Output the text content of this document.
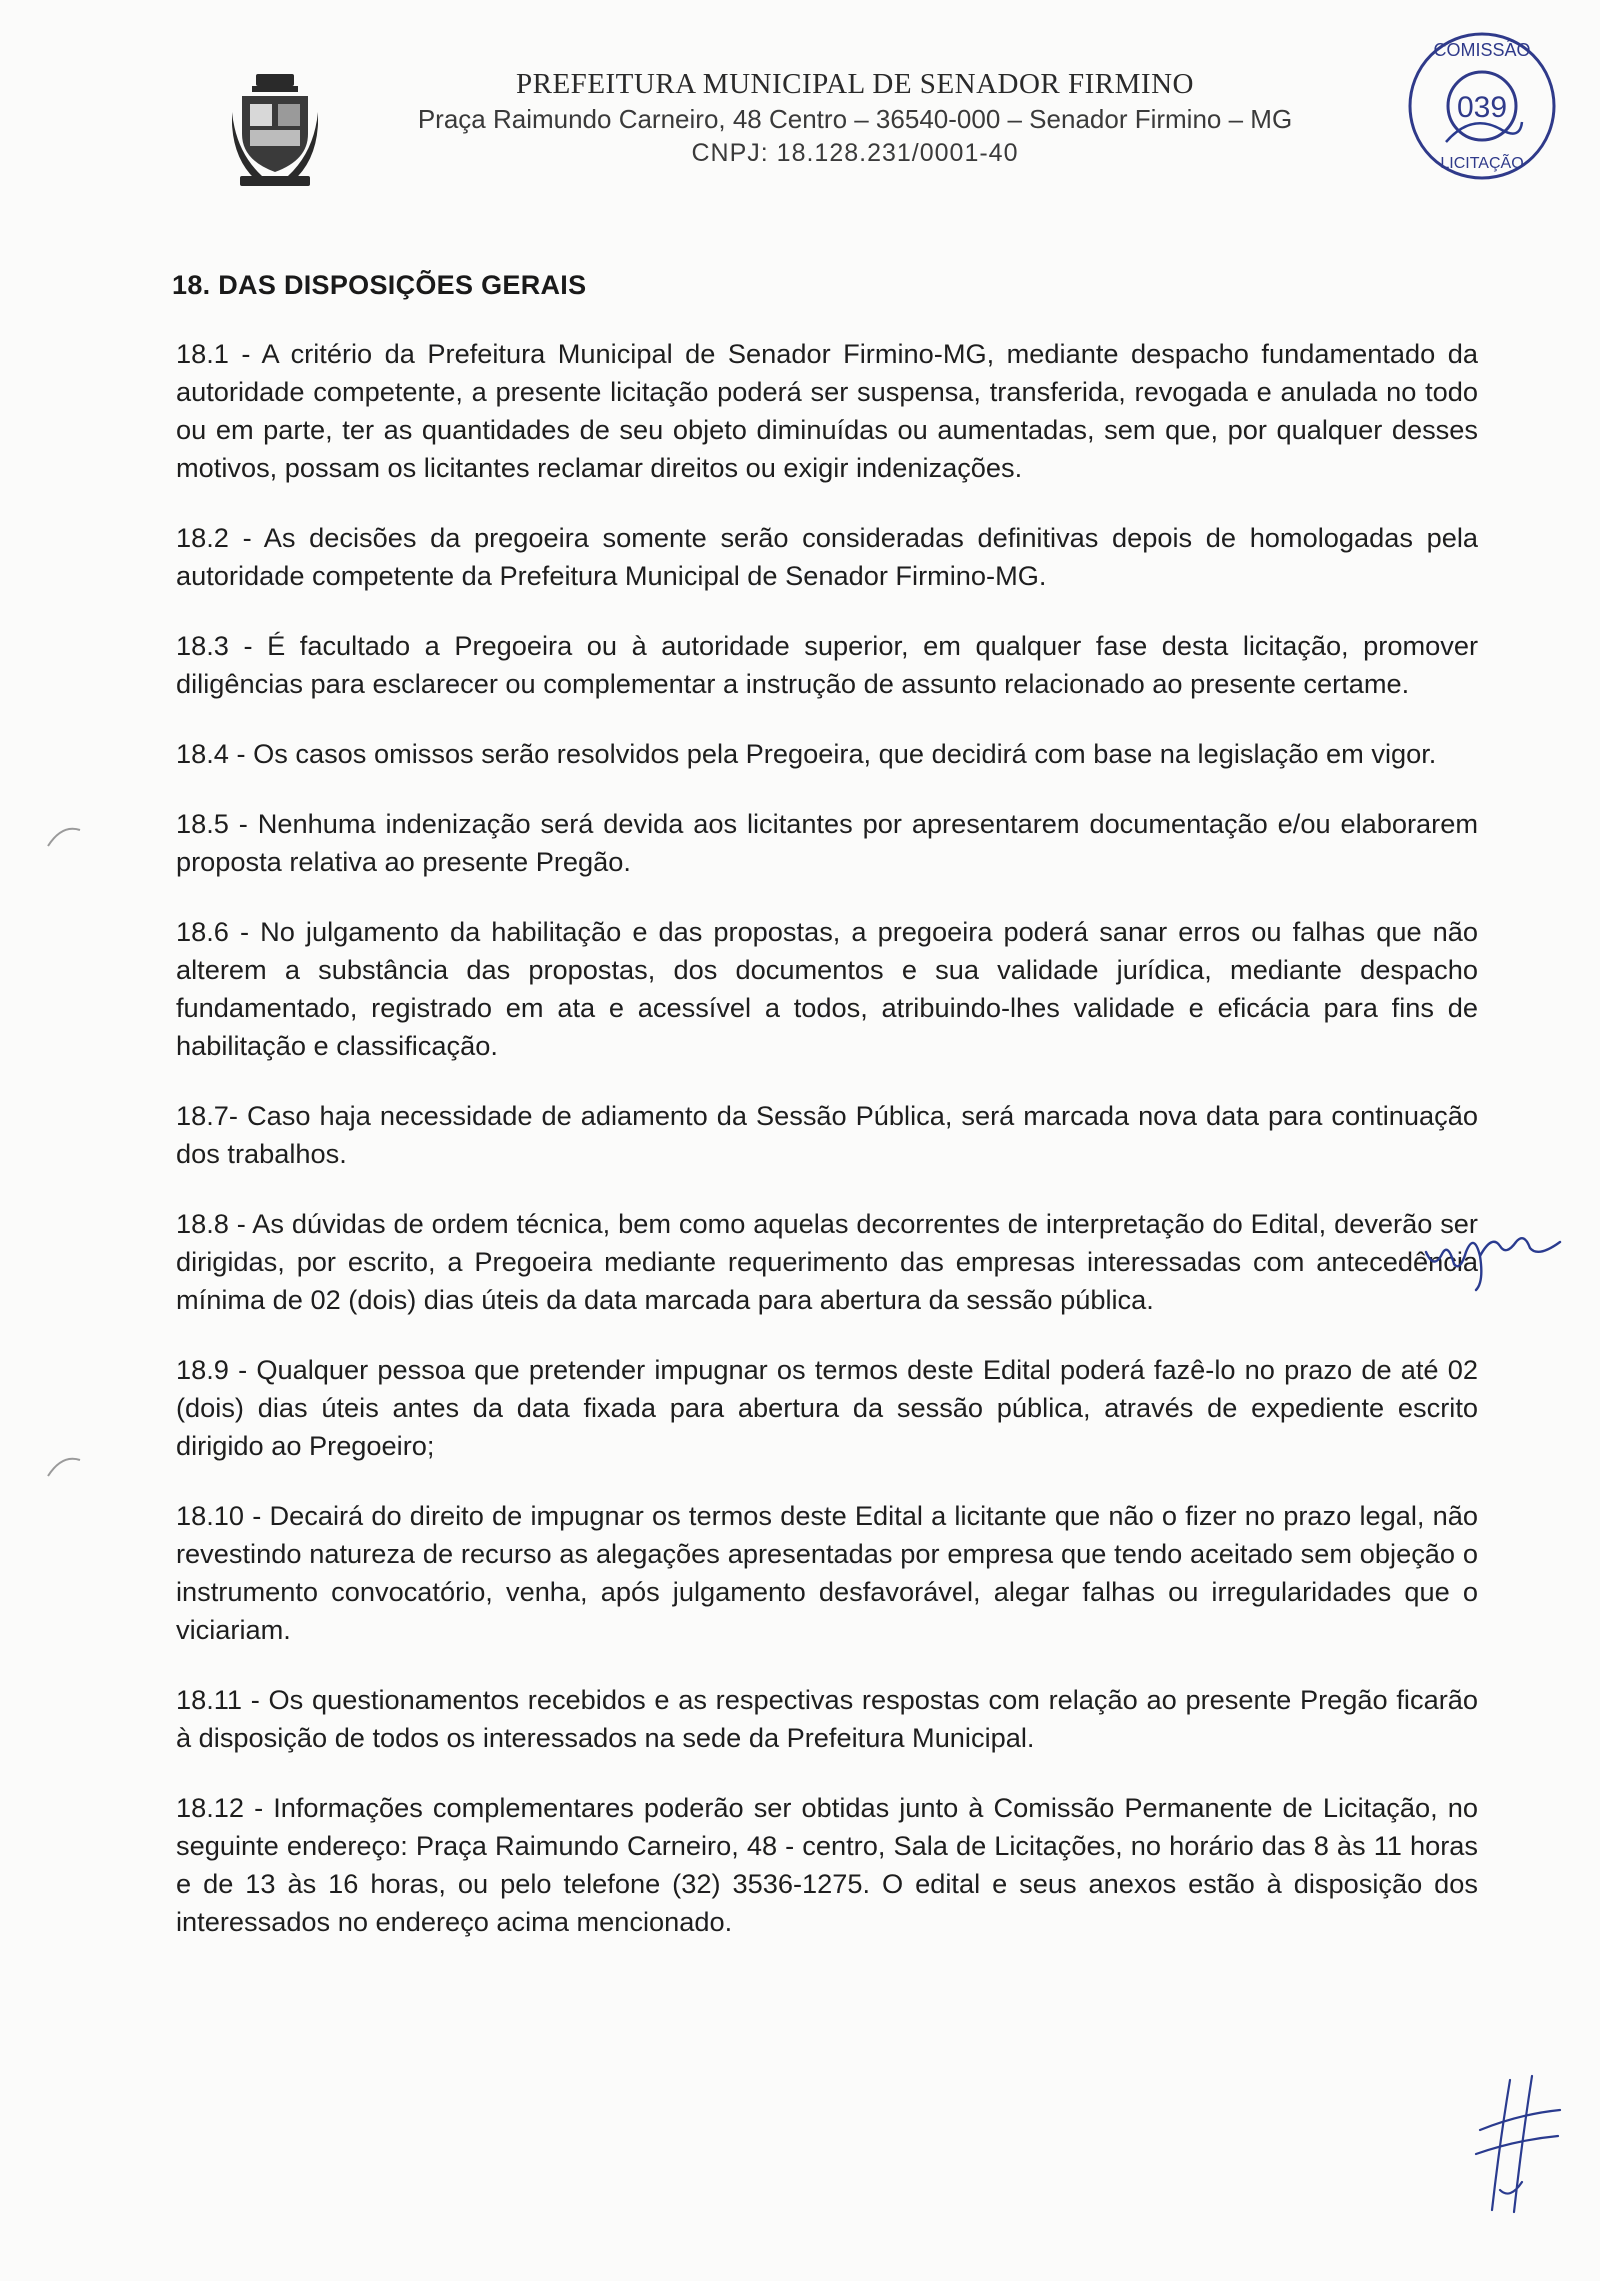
PREFEITURA MUNICIPAL DE SENADOR FIRMINO
Praça Raimundo Carneiro, 48 Centro – 36540-000 – Senador Firmino – MG
CNPJ: 18.128.231/0001-40
COMISSÃO
039
LICITAÇÃO
18. DAS DISPOSIÇÕES GERAIS

18.1 - A critério da Prefeitura Municipal de Senador Firmino-MG, mediante despacho fundamentado da autoridade competente, a presente licitação poderá ser suspensa, transferida, revogada e anulada no todo ou em parte, ter as quantidades de seu objeto diminuídas ou aumentadas, sem que, por qualquer desses motivos, possam os licitantes reclamar direitos ou exigir indenizações.

18.2 - As decisões da pregoeira somente serão consideradas definitivas depois de homologadas pela autoridade competente da Prefeitura Municipal de Senador Firmino-MG.

18.3 - É facultado a Pregoeira ou à autoridade superior, em qualquer fase desta licitação, promover diligências para esclarecer ou complementar a instrução de assunto relacionado ao presente certame.

18.4 - Os casos omissos serão resolvidos pela Pregoeira, que decidirá com base na legislação em vigor.

18.5 - Nenhuma indenização será devida aos licitantes por apresentarem documentação e/ou elaborarem proposta relativa ao presente Pregão.

18.6 - No julgamento da habilitação e das propostas, a pregoeira poderá sanar erros ou falhas que não alterem a substância das propostas, dos documentos e sua validade jurídica, mediante despacho fundamentado, registrado em ata e acessível a todos, atribuindo-lhes validade e eficácia para fins de habilitação e classificação.

18.7- Caso haja necessidade de adiamento da Sessão Pública, será marcada nova data para continuação dos trabalhos.

18.8 - As dúvidas de ordem técnica, bem como aquelas decorrentes de interpretação do Edital, deverão ser dirigidas, por escrito, a Pregoeira mediante requerimento das empresas interessadas com antecedência mínima de 02 (dois) dias úteis da data marcada para abertura da sessão pública.

18.9 - Qualquer pessoa que pretender impugnar os termos deste Edital poderá fazê-lo no prazo de até 02 (dois) dias úteis antes da data fixada para abertura da sessão pública, através de expediente escrito dirigido ao Pregoeiro;

18.10 - Decairá do direito de impugnar os termos deste Edital a licitante que não o fizer no prazo legal, não revestindo natureza de recurso as alegações apresentadas por empresa que tendo aceitado sem objeção o instrumento convocatório, venha, após julgamento desfavorável, alegar falhas ou irregularidades que o viciariam.

18.11 - Os questionamentos recebidos e as respectivas respostas com relação ao presente Pregão ficarão à disposição de todos os interessados na sede da Prefeitura Municipal.

18.12 - Informações complementares poderão ser obtidas junto à Comissão Permanente de Licitação, no seguinte endereço: Praça Raimundo Carneiro, 48 - centro, Sala de Licitações, no horário das 8 às 11 horas e de 13 às 16 horas, ou pelo telefone (32) 3536-1275. O edital e seus anexos estão à disposição dos interessados no endereço acima mencionado.
